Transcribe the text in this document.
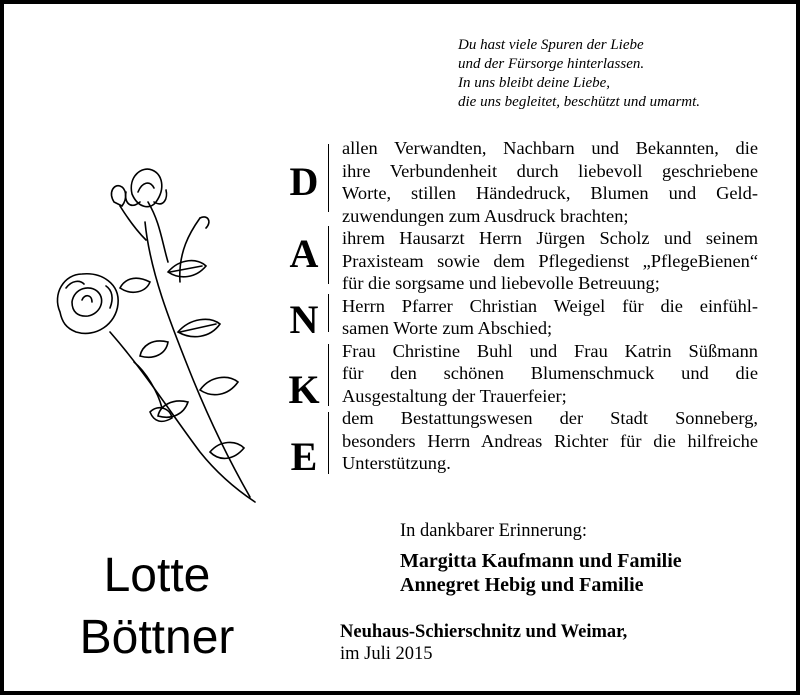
Du hast viele Spuren der Liebe
und der Fürsorge hinterlassen.
In uns bleibt deine Liebe,
die uns begleitet, beschützt und umarmt.
D
A
N
K
E

allen Verwandten, Nachbarn und Bekannten, die
ihre Verbundenheit durch liebevoll geschriebene
Worte, stillen Händedruck, Blumen und Geld-
zuwendungen zum Ausdruck brachten;

ihrem Hausarzt Herrn Jürgen Scholz und seinem
Praxisteam sowie dem Pflegedienst „PflegeBienen“
für die sorgsame und liebevolle Betreuung;

Herrn Pfarrer Christian Weigel für die einfühl-
samen Worte zum Abschied;

Frau Christine Buhl und Frau Katrin Süßmann
für den schönen Blumenschmuck und die
Ausgestaltung der Trauerfeier;

dem Bestattungswesen der Stadt Sonneberg,
besonders Herrn Andreas Richter für die hilfreiche
Unterstützung.

In dankbarer Erinnerung:
Margitta Kaufmann und Familie
Annegret Hebig und Familie
Neuhaus-Schierschnitz und Weimar,
im Juli 2015
Lotte
Böttner
